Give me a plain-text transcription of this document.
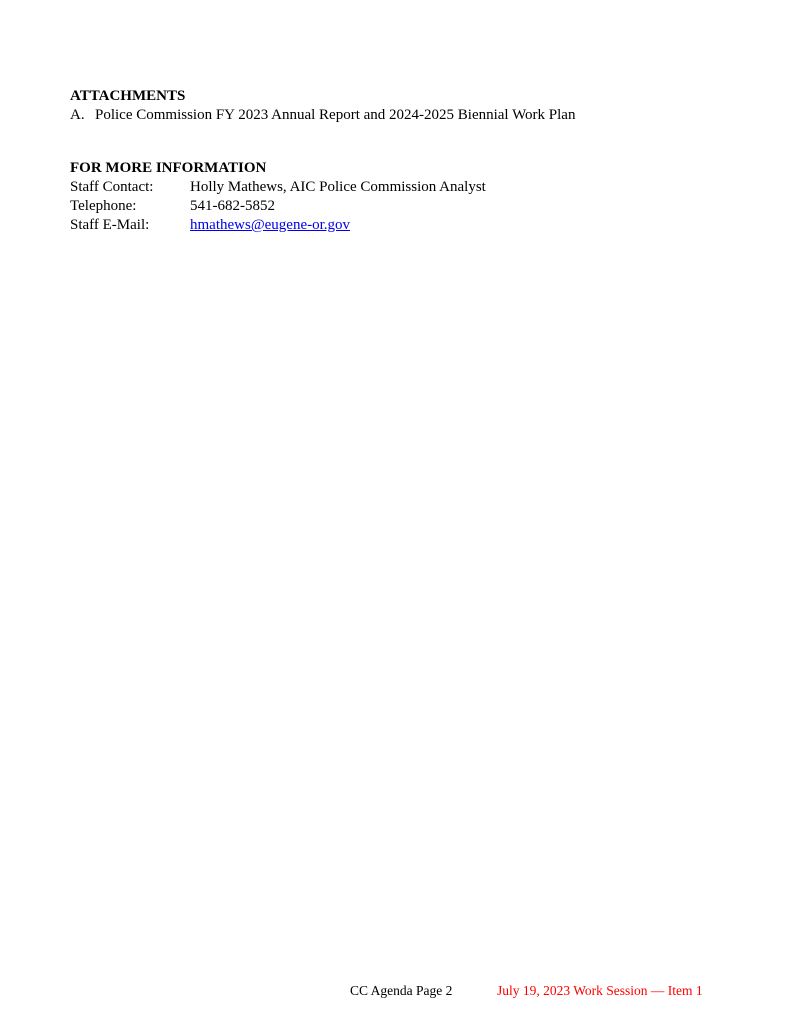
ATTACHMENTS
A. Police Commission FY 2023 Annual Report and 2024-2025 Biennial Work Plan
FOR MORE INFORMATION
Staff Contact:	Holly Mathews, AIC Police Commission Analyst
Telephone:	541-682-5852
Staff E-Mail:	hmathews@eugene-or.gov
CC Agenda Page 2	July 19, 2023 Work Session — Item 1
